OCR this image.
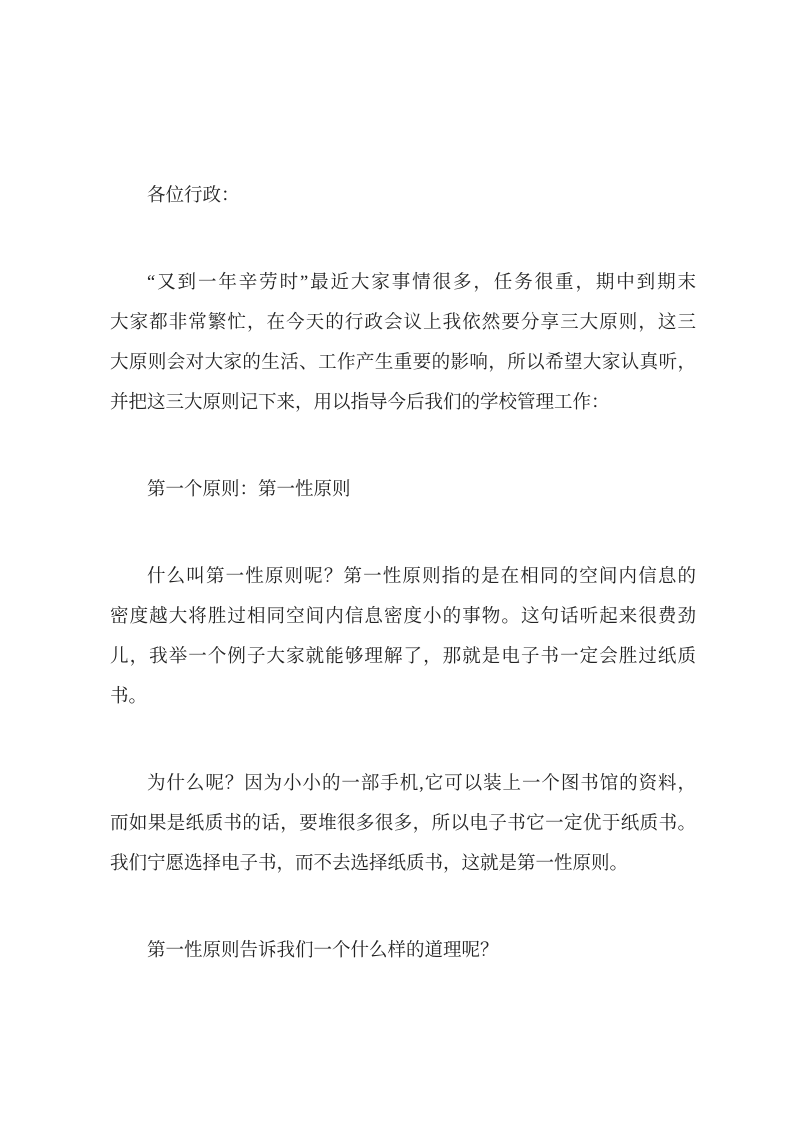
各位行政：
“又到一年辛劳时”最近大家事情很多，任务很重，期中到期末
大家都非常繁忙，在今天的行政会议上我依然要分享三大原则，这三
大原则会对大家的生活、工作产生重要的影响，所以希望大家认真听，
并把这三大原则记下来，用以指导今后我们的学校管理工作：
第一个原则：第一性原则
什么叫第一性原则呢？第一性原则指的是在相同的空间内信息的
密度越大将胜过相同空间内信息密度小的事物。这句话听起来很费劲
儿，我举一个例子大家就能够理解了，那就是电子书一定会胜过纸质
书。
为什么呢？因为小小的一部手机,它可以装上一个图书馆的资料，
而如果是纸质书的话，要堆很多很多，所以电子书它一定优于纸质书。
我们宁愿选择电子书，而不去选择纸质书，这就是第一性原则。
第一性原则告诉我们一个什么样的道理呢？
